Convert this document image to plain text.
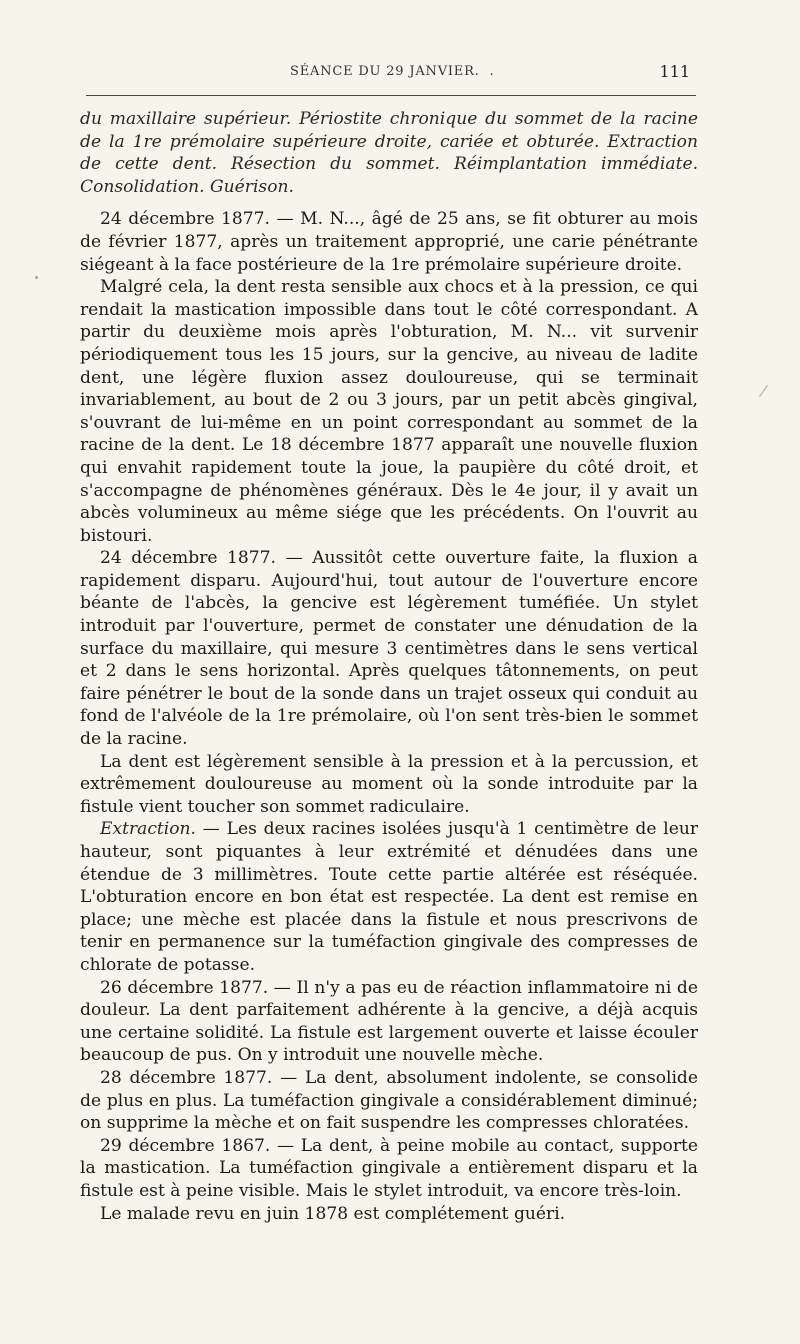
SÉANCE DU 29 JANVIER. .	111

du maxillaire supérieur. Périostite chronique du sommet de la racine de la 1re prémolaire supérieure droite, cariée et obturée. Extraction de cette dent. Résection du sommet. Réimplantation immédiate. Consolidation. Guérison.

24 décembre 1877. — M. N..., âgé de 25 ans, se fit obturer au mois de février 1877, après un traitement approprié, une carie pénétrante siégeant à la face postérieure de la 1re prémolaire supérieure droite.

Malgré cela, la dent resta sensible aux chocs et à la pression, ce qui rendait la mastication impossible dans tout le côté correspondant. A partir du deuxième mois après l'obturation, M. N... vit survenir périodiquement tous les 15 jours, sur la gencive, au niveau de ladite dent, une légère fluxion assez douloureuse, qui se terminait invariablement, au bout de 2 ou 3 jours, par un petit abcès gingival, s'ouvrant de lui-même en un point correspondant au sommet de la racine de la dent. Le 18 décembre 1877 apparaît une nouvelle fluxion qui envahit rapidement toute la joue, la paupière du côté droit, et s'accompagne de phénomènes généraux. Dès le 4e jour, il y avait un abcès volumineux au même siége que les précédents. On l'ouvrit au bistouri.

24 décembre 1877. — Aussitôt cette ouverture faite, la fluxion a rapidement disparu. Aujourd'hui, tout autour de l'ouverture encore béante de l'abcès, la gencive est légèrement tuméfiée. Un stylet introduit par l'ouverture, permet de constater une dénudation de la surface du maxillaire, qui mesure 3 centimètres dans le sens vertical et 2 dans le sens horizontal. Après quelques tâtonnements, on peut faire pénétrer le bout de la sonde dans un trajet osseux qui conduit au fond de l'alvéole de la 1re prémolaire, où l'on sent très-bien le sommet de la racine.

La dent est légèrement sensible à la pression et à la percussion, et extrêmement douloureuse au moment où la sonde introduite par la fistule vient toucher son sommet radiculaire.

Extraction. — Les deux racines isolées jusqu'à 1 centimètre de leur hauteur, sont piquantes à leur extrémité et dénudées dans une étendue de 3 millimètres. Toute cette partie altérée est réséquée. L'obturation encore en bon état est respectée. La dent est remise en place; une mèche est placée dans la fistule et nous prescrivons de tenir en permanence sur la tuméfaction gingivale des compresses de chlorate de potasse.

26 décembre 1877. — Il n'y a pas eu de réaction inflammatoire ni de douleur. La dent parfaitement adhérente à la gencive, a déjà acquis une certaine solidité. La fistule est largement ouverte et laisse écouler beaucoup de pus. On y introduit une nouvelle mèche.

28 décembre 1877. — La dent, absolument indolente, se consolide de plus en plus. La tuméfaction gingivale a considérablement diminué; on supprime la mèche et on fait suspendre les compresses chloratées.

29 décembre 1867. — La dent, à peine mobile au contact, supporte la mastication. La tuméfaction gingivale a entièrement disparu et la fistule est à peine visible. Mais le stylet introduit, va encore très-loin.

Le malade revu en juin 1878 est complétement guéri.
